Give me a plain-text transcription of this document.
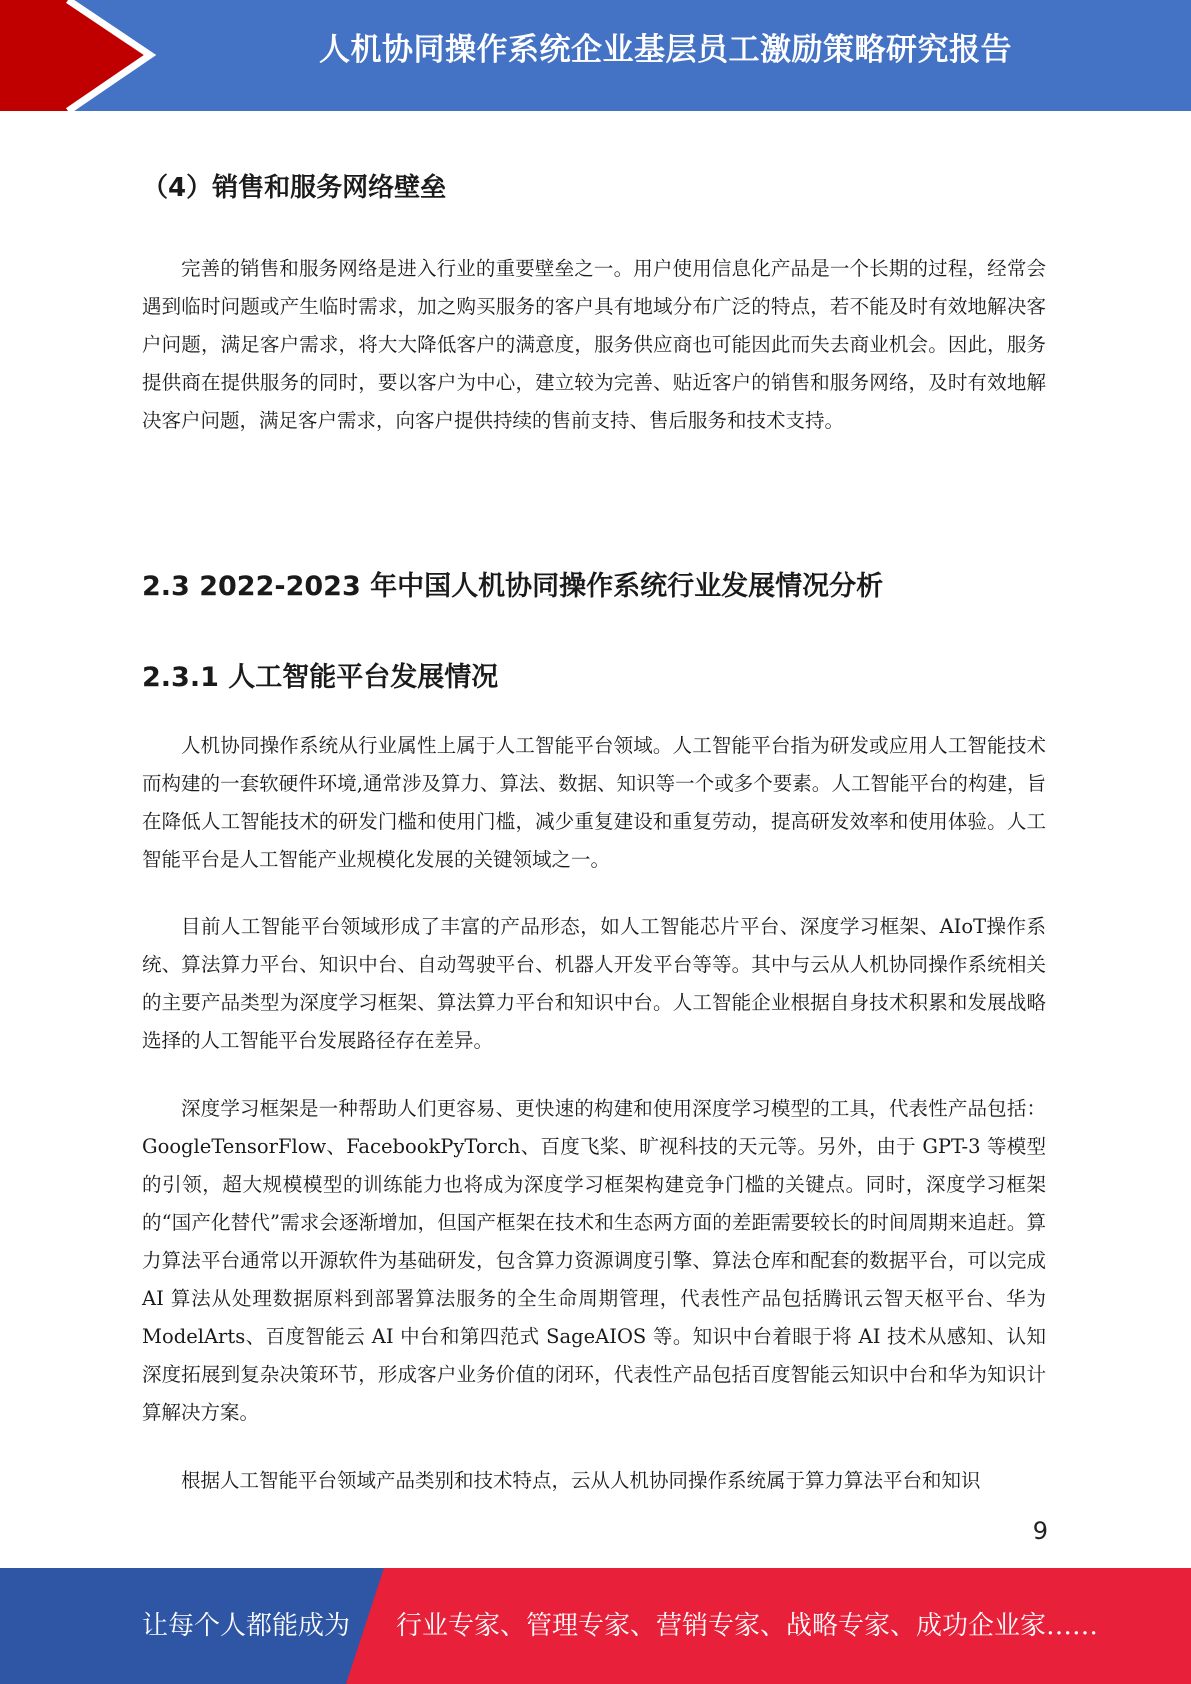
人机协同操作系统企业基层员工激励策略研究报告
（4）销售和服务网络壁垒

完善的销售和服务网络是进入行业的重要壁垒之一。用户使用信息化产品是一个长期的过程，经常会遇到临时问题或产生临时需求，加之购买服务的客户具有地域分布广泛的特点，若不能及时有效地解决客户问题，满足客户需求，将大大降低客户的满意度，服务供应商也可能因此而失去商业机会。因此，服务提供商在提供服务的同时，要以客户为中心，建立较为完善、贴近客户的销售和服务网络，及时有效地解决客户问题，满足客户需求，向客户提供持续的售前支持、售后服务和技术支持。

2.3 2022-2023 年中国人机协同操作系统行业发展情况分析
2.3.1 人工智能平台发展情况

人机协同操作系统从行业属性上属于人工智能平台领域。人工智能平台指为研发或应用人工智能技术而构建的一套软硬件环境,通常涉及算力、算法、数据、知识等一个或多个要素。人工智能平台的构建，旨在降低人工智能技术的研发门槛和使用门槛，减少重复建设和重复劳动，提高研发效率和使用体验。人工智能平台是人工智能产业规模化发展的关键领域之一。

目前人工智能平台领域形成了丰富的产品形态，如人工智能芯片平台、深度学习框架、AIoT操作系统、算法算力平台、知识中台、自动驾驶平台、机器人开发平台等等。其中与云从人机协同操作系统相关的主要产品类型为深度学习框架、算法算力平台和知识中台。人工智能企业根据自身技术积累和发展战略选择的人工智能平台发展路径存在差异。

深度学习框架是一种帮助人们更容易、更快速的构建和使用深度学习模型的工具，代表性产品包括：GoogleTensorFlow、FacebookPyTorch、百度飞桨、旷视科技的天元等。另外，由于 GPT-3 等模型的引领，超大规模模型的训练能力也将成为深度学习框架构建竞争门槛的关键点。同时，深度学习框架的“国产化替代”需求会逐渐增加，但国产框架在技术和生态两方面的差距需要较长的时间周期来追赶。算力算法平台通常以开源软件为基础研发，包含算力资源调度引擎、算法仓库和配套的数据平台，可以完成 AI 算法从处理数据原料到部署算法服务的全生命周期管理，代表性产品包括腾讯云智天枢平台、华为 ModelArts、百度智能云 AI 中台和第四范式 SageAIOS 等。知识中台着眼于将 AI 技术从感知、认知深度拓展到复杂决策环节，形成客户业务价值的闭环，代表性产品包括百度智能云知识中台和华为知识计算解决方案。

根据人工智能平台领域产品类别和技术特点，云从人机协同操作系统属于算力算法平台和知识

9
让每个人都能成为 行业专家、管理专家、营销专家、战略专家、成功企业家……
